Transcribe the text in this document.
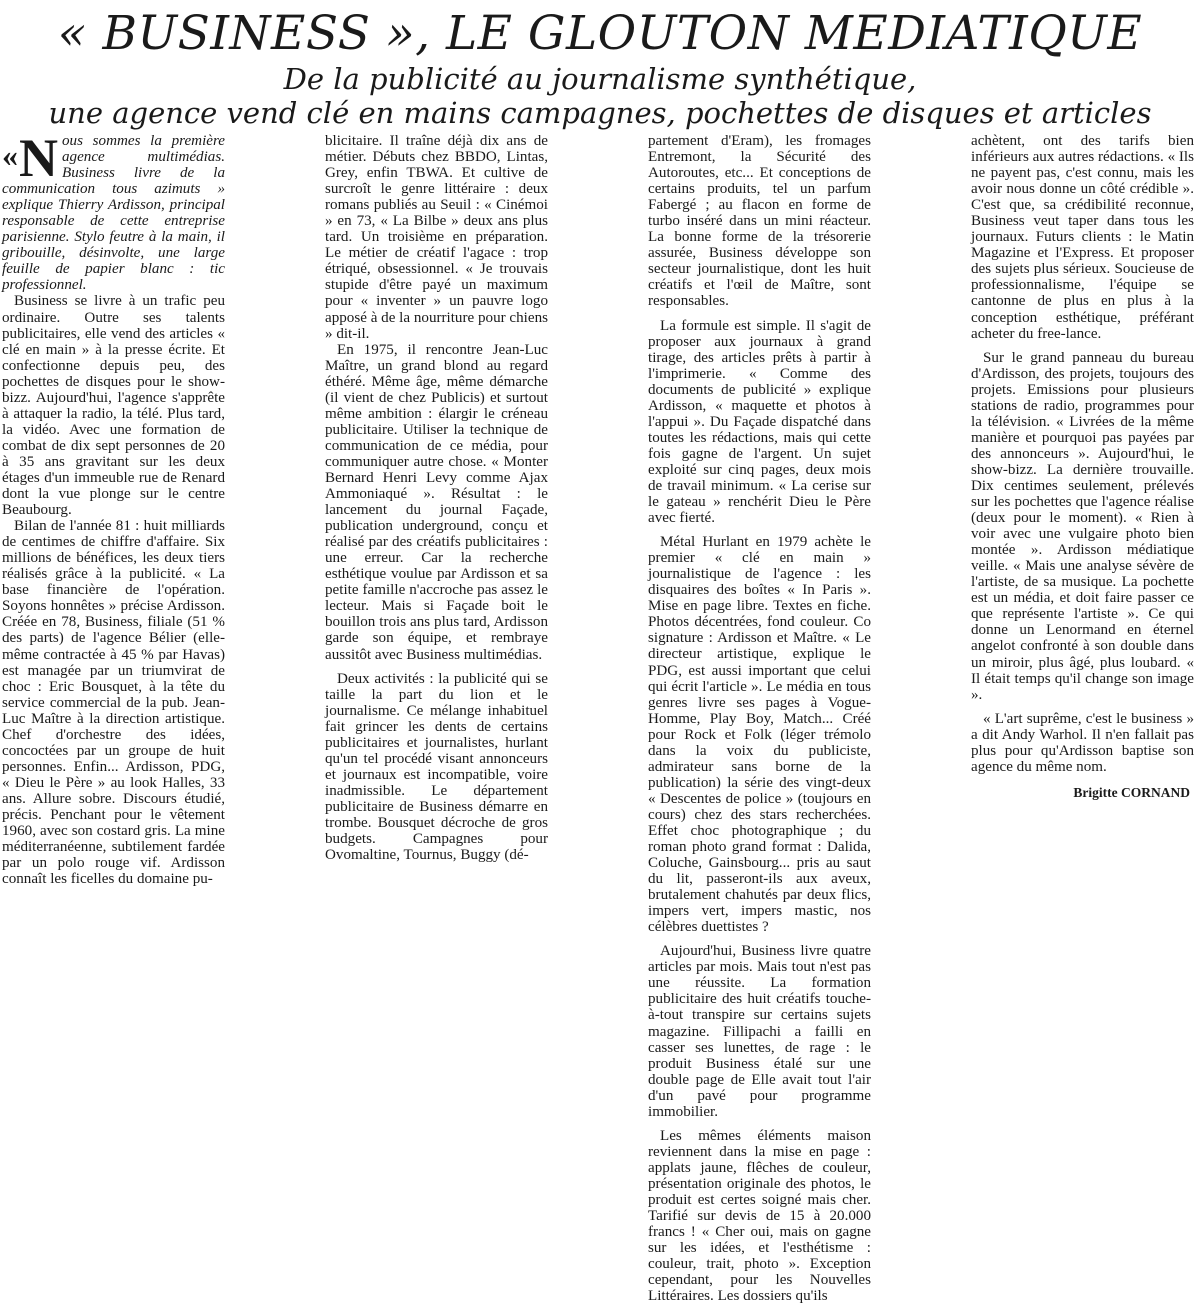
« BUSINESS », LE GLOUTON MEDIATIQUE
De la publicité au journalisme synthétique,
une agence vend clé en mains campagnes, pochettes de disques et articles
« N ous sommes la première agence multimédias. Business livre de la communication tous azimuts » explique Thierry Ardisson, principal responsable de cette entreprise parisienne. Stylo feutre à la main, il gribouille, désinvolte, une large feuille de papier blanc : tic professionnel.

Business se livre à un trafic peu ordinaire. Outre ses talents publicitaires, elle vend des articles « clé en main » à la presse écrite. Et confectionne depuis peu, des pochettes de disques pour le show-bizz. Aujourd'hui, l'agence s'apprête à attaquer la radio, la télé. Plus tard, la vidéo. Avec une formation de combat de dix sept personnes de 20 à 35 ans gravitant sur les deux étages d'un immeuble rue de Renard dont la vue plonge sur le centre Beaubourg.

Bilan de l'année 81 : huit milliards de centimes de chiffre d'affaire. Six millions de bénéfices, les deux tiers réalisés grâce à la publicité. « La base financière de l'opération. Soyons honnêtes » précise Ardisson. Créée en 78, Business, filiale (51 % des parts) de l'agence Bélier (elle-même contractée à 45 % par Havas) est managée par un triumvirat de choc : Eric Bousquet, à la tête du service commercial de la pub. Jean-Luc Maître à la direction artistique. Chef d'orchestre des idées, concoctées par un groupe de huit personnes. Enfin... Ardisson, PDG, « Dieu le Père » au look Halles, 33 ans. Allure sobre. Discours étudié, précis. Penchant pour le vêtement 1960, avec son costard gris. La mine méditerranéenne, subtilement fardée par un polo rouge vif. Ardisson connaît les ficelles du domaine pu-

blicitaire. Il traîne déjà dix ans de métier. Débuts chez BBDO, Lintas, Grey, enfin TBWA. Et cultive de surcroît le genre littéraire : deux romans publiés au Seuil : « Cinémoi » en 73, « La Bilbe » deux ans plus tard. Un troisième en préparation. Le métier de créatif l'agace : trop étriqué, obsessionnel. « Je trouvais stupide d'être payé un maximum pour « inventer » un pauvre logo apposé à de la nourriture pour chiens » dit-il.

En 1975, il rencontre Jean-Luc Maître, un grand blond au regard éthéré. Même âge, même démarche (il vient de chez Publicis) et surtout même ambition : élargir le créneau publicitaire. Utiliser la technique de communication de ce média, pour communiquer autre chose. « Monter Bernard Henri Levy comme Ajax Ammoniaqué ». Résultat : le lancement du journal Façade, publication underground, conçu et réalisé par des créatifs publicitaires : une erreur. Car la recherche esthétique voulue par Ardisson et sa petite famille n'accroche pas assez le lecteur. Mais si Façade boit le bouillon trois ans plus tard, Ardisson garde son équipe, et rembraye aussitôt avec Business multimédias.

Deux activités : la publicité qui se taille la part du lion et le journalisme. Ce mélange inhabituel fait grincer les dents de certains publicitaires et journalistes, hurlant qu'un tel procédé visant annonceurs et journaux est incompatible, voire inadmissible. Le département publicitaire de Business démarre en trombe. Bousquet décroche de gros budgets. Campagnes pour Ovomaltine, Tournus, Buggy (dé-

partement d'Eram), les fromages Entremont, la Sécurité des Autoroutes, etc... Et conceptions de certains produits, tel un parfum Fabergé ; au flacon en forme de turbo inséré dans un mini réacteur. La bonne forme de la trésorerie assurée, Business développe son secteur journalistique, dont les huit créatifs et l'œil de Maître, sont responsables.

La formule est simple. Il s'agit de proposer aux journaux à grand tirage, des articles prêts à partir à l'imprimerie. « Comme des documents de publicité » explique Ardisson, « maquette et photos à l'appui ». Du Façade dispatché dans toutes les rédactions, mais qui cette fois gagne de l'argent. Un sujet exploité sur cinq pages, deux mois de travail minimum. « La cerise sur le gateau » renchérit Dieu le Père avec fierté.

Métal Hurlant en 1979 achète le premier « clé en main » journalistique de l'agence : les disquaires des boîtes « In Paris ». Mise en page libre. Textes en fiche. Photos décentrées, fond couleur. Co signature : Ardisson et Maître. « Le directeur artistique, explique le PDG, est aussi important que celui qui écrit l'article ». Le média en tous genres livre ses pages à Vogue-Homme, Play Boy, Match... Créé pour Rock et Folk (léger trémolo dans la voix du publiciste, admirateur sans borne de la publication) la série des vingt-deux « Descentes de police » (toujours en cours) chez des stars recherchées. Effet choc photographique ; du roman photo grand format : Dalida, Coluche, Gainsbourg... pris au saut du lit, passeront-ils aux aveux, brutalement chahutés par deux flics, impers vert, impers mastic, nos célèbres duettistes ?

Aujourd'hui, Business livre quatre articles par mois. Mais tout n'est pas une réussite. La formation publicitaire des huit créatifs touche-à-tout transpire sur certains sujets magazine. Fillipachi a failli en casser ses lunettes, de rage : le produit Business étalé sur une double page de Elle avait tout l'air d'un pavé pour programme immobilier.

Les mêmes éléments maison reviennent dans la mise en page : applats jaune, flêches de couleur, présentation originale des photos, le produit est certes soigné mais cher. Tarifié sur devis de 15 à 20.000 francs ! « Cher oui, mais on gagne sur les idées, et l'esthétisme : couleur, trait, photo ». Exception cependant, pour les Nouvelles Littéraires. Les dossiers qu'ils

achètent, ont des tarifs bien inférieurs aux autres rédactions. « Ils ne payent pas, c'est connu, mais les avoir nous donne un côté crédible ». C'est que, sa crédibilité reconnue, Business veut taper dans tous les journaux. Futurs clients : le Matin Magazine et l'Express. Et proposer des sujets plus sérieux. Soucieuse de professionnalisme, l'équipe se cantonne de plus en plus à la conception esthétique, préférant acheter du free-lance.

Sur le grand panneau du bureau d'Ardisson, des projets, toujours des projets. Emissions pour plusieurs stations de radio, programmes pour la télévision. « Livrées de la même manière et pourquoi pas payées par des annonceurs ». Aujourd'hui, le show-bizz. La dernière trouvaille. Dix centimes seulement, prélevés sur les pochettes que l'agence réalise (deux pour le moment). « Rien à voir avec une vulgaire photo bien montée ». Ardisson médiatique veille. « Mais une analyse sévère de l'artiste, de sa musique. La pochette est un média, et doit faire passer ce que représente l'artiste ». Ce qui donne un Lenormand en éternel angelot confronté à son double dans un miroir, plus âgé, plus loubard. « Il était temps qu'il change son image ».

« L'art suprême, c'est le business » a dit Andy Warhol. Il n'en fallait pas plus pour qu'Ardisson baptise son agence du même nom.

Brigitte CORNAND
